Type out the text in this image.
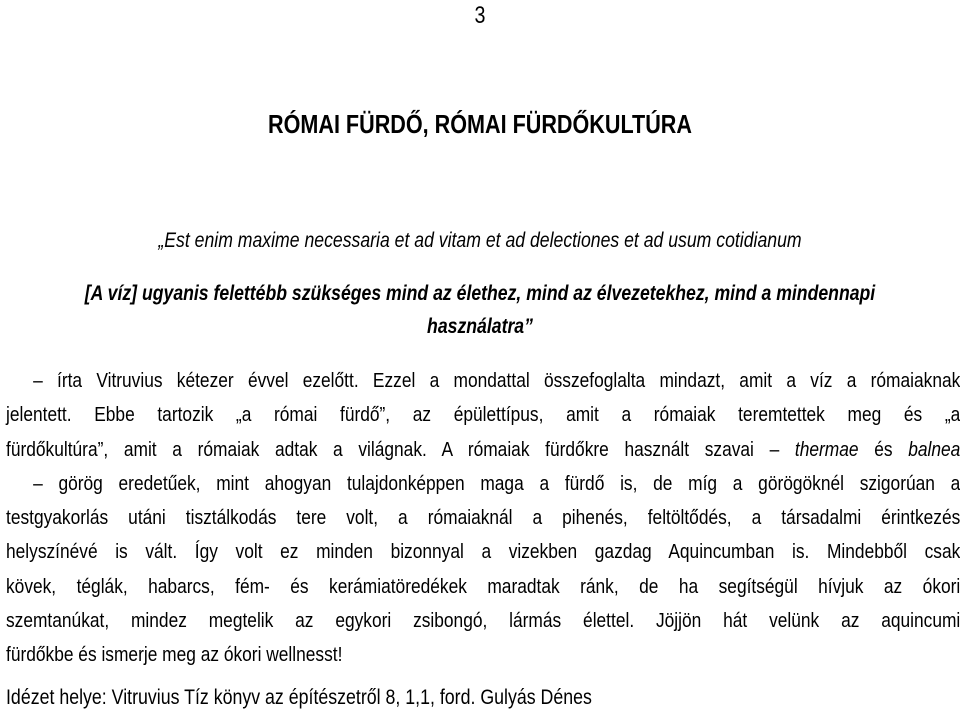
3
RÓMAI FÜRDŐ, RÓMAI FÜRDŐKULTÚRA
„Est enim maxime necessaria et ad vitam et ad delectiones et ad usum cotidianum
[A víz] ugyanis felettébb szükséges mind az élethez, mind az élvezetekhez, mind a mindennapi
használatra”
– írta Vitruvius kétezer évvel ezelőtt. Ezzel a mondattal összefoglalta mindazt, amit a víz a rómaiaknak
jelentett. Ebbe tartozik „a római fürdő”, az épülettípus, amit a rómaiak teremtettek meg és „a
fürdőkultúra”, amit a rómaiak adtak a világnak. A rómaiak fürdőkre használt szavai – thermae és balnea
– görög eredetűek, mint ahogyan tulajdonképpen maga a fürdő is, de míg a görögöknél szigorúan a
testgyakorlás utáni tisztálkodás tere volt, a rómaiaknál a pihenés, feltöltődés, a társadalmi érintkezés
helyszínévé is vált. Így volt ez minden bizonnyal a vizekben gazdag Aquincumban is. Mindebből csak
kövek, téglák, habarcs, fém- és kerámiatöredékek maradtak ránk, de ha segítségül hívjuk az ókori
szemtanúkat, mindez megtelik az egykori zsibongó, lármás élettel. Jöjjön hát velünk az aquincumi
fürdőkbe és ismerje meg az ókori wellnesst!
Idézet helye: Vitruvius Tíz könyv az építészetről 8, 1,1, ford. Gulyás Dénes
